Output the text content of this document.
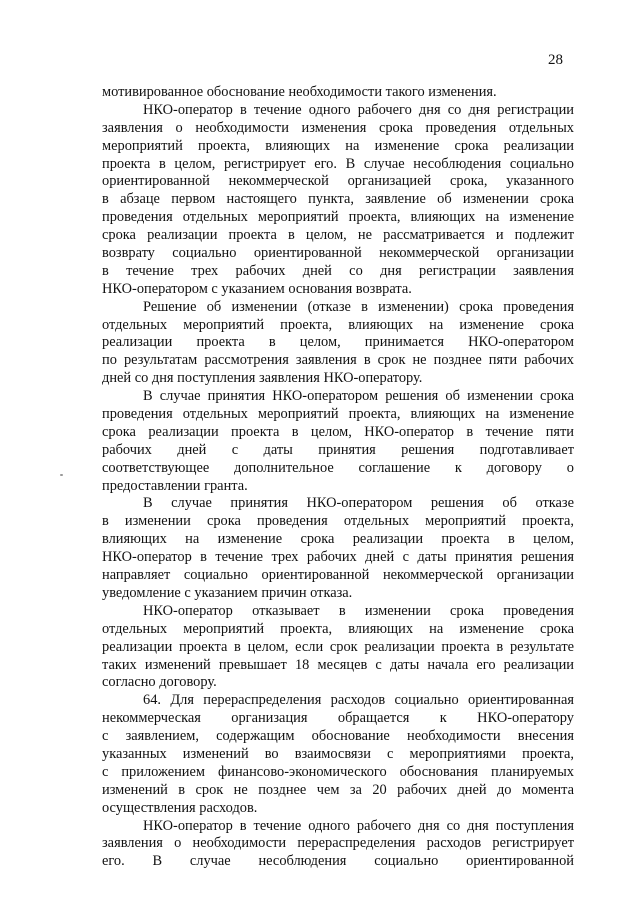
28
мотивированное обоснование необходимости такого изменения.
НКО-оператор в течение одного рабочего дня со дня регистрации
заявления о необходимости изменения срока проведения отдельных
мероприятий проекта, влияющих на изменение срока реализации
проекта в целом, регистрирует его. В случае несоблюдения социально
ориентированной некоммерческой организацией срока, указанного
в абзаце первом настоящего пункта, заявление об изменении срока
проведения отдельных мероприятий проекта, влияющих на изменение
срока реализации проекта в целом, не рассматривается и подлежит
возврату социально ориентированной некоммерческой организации
в течение трех рабочих дней со дня регистрации заявления
НКО-оператором с указанием основания возврата.
Решение об изменении (отказе в изменении) срока проведения
отдельных мероприятий проекта, влияющих на изменение срока
реализации проекта в целом, принимается НКО-оператором
по результатам рассмотрения заявления в срок не позднее пяти рабочих
дней со дня поступления заявления НКО-оператору.
В случае принятия НКО-оператором решения об изменении срока
проведения отдельных мероприятий проекта, влияющих на изменение
срока реализации проекта в целом, НКО-оператор в течение пяти
рабочих дней с даты принятия решения подготавливает
соответствующее дополнительное соглашение к договору о
предоставлении гранта.
В случае принятия НКО-оператором решения об отказе
в изменении срока проведения отдельных мероприятий проекта,
влияющих на изменение срока реализации проекта в целом,
НКО-оператор в течение трех рабочих дней с даты принятия решения
направляет социально ориентированной некоммерческой организации
уведомление с указанием причин отказа.
НКО-оператор отказывает в изменении срока проведения
отдельных мероприятий проекта, влияющих на изменение срока
реализации проекта в целом, если срок реализации проекта в результате
таких изменений превышает 18 месяцев с даты начала его реализации
согласно договору.
64. Для перераспределения расходов социально ориентированная
некоммерческая организация обращается к НКО-оператору
с заявлением, содержащим обоснование необходимости внесения
указанных изменений во взаимосвязи с мероприятиями проекта,
с приложением финансово-экономического обоснования планируемых
изменений в срок не позднее чем за 20 рабочих дней до момента
осуществления расходов.
НКО-оператор в течение одного рабочего дня со дня поступления
заявления о необходимости перераспределения расходов регистрирует
его. В случае несоблюдения социально ориентированной
